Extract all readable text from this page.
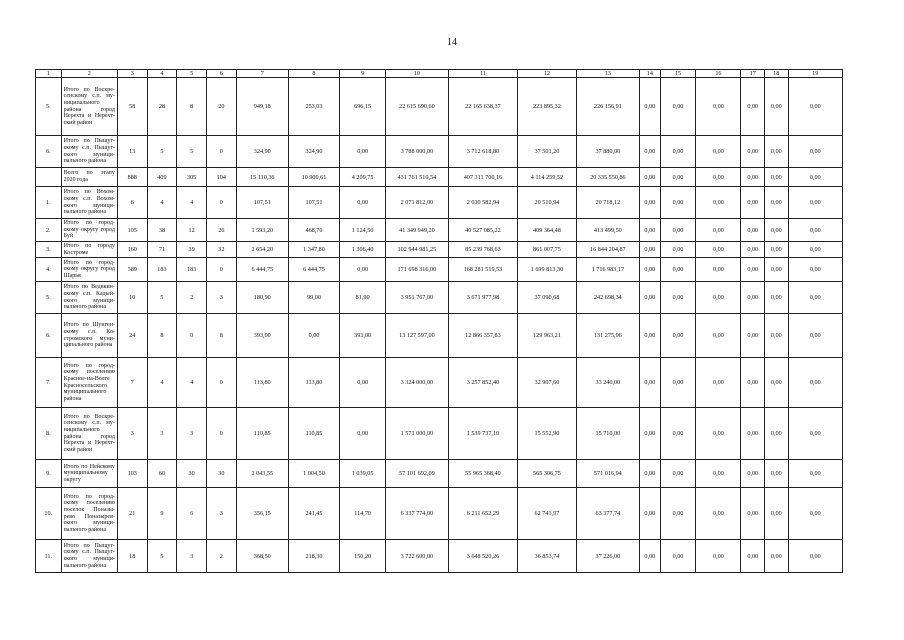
14
1	2	3	4	5	6	7	8	9	10	11	12	13	14	15	16	17	18	19
5.	Итого по Воскресенскому с.п. муниципального района город Нерехта и Нерехтский район	58	28	8	20	949,18	253,03	696,15	22 615 690,60	22 165 638,37	223 895,32	226 156,91	0,00	0,00	0,00	0,00	0,00	0,00
6.	Итого по Пыщугскому с.п. Пыщугского муниципального района	13	5	5	0	324,90	324,90	0,00	3 788 000,00	3 712 618,80	37 501,20	37 880,00	0,00	0,00	0,00	0,00	0,00	0,00
	Всего по этапу 2020 года	888	409	305	104	15 110,36	10 900,61	4 209,75	431 761 510,54	407 311 700,16	4 114 259,52	20 335 550,86	0,00	0,00	0,00	0,00	0,00	0,00
1.	Итого по Вохомскому с.п. Вохомского муниципального района	6	4	4	0	107,51	107,51	0,00	2 071 812,00	2 030 582,94	20 510,94	20 718,12	0,00	0,00	0,00	0,00	0,00	0,00
2.	Итого по городскому округу город Буй	105	38	12	26	1 593,20	468,70	1 124,50	41 349 949,20	40 527 085,22	409 364,48	413 499,50	0,00	0,00	0,00	0,00	0,00	0,00
3.	Итого по городу Костроме	160	71	39	32	2 654,20	1 347,80	1 306,40	102 944 981,25	85 239 768,63	861 007,75	16 844 204,87	0,00	0,00	0,00	0,00	0,00	0,00
4.	Итого по городскому округу город Шарья	389	183	183	0	6 444,75	6 444,75	0,00	171 698 316,00	168 281 519,53	1 699 813,30	1 716 983,17	0,00	0,00	0,00	0,00	0,00	0,00
5.	Итого по Ведвкинскому с.п. Кадыйского муниципального района	10	5	2	3	180,90	99,00	81,90	3 951 767,00	3 671 977,98	37 090,68	242 698,34	0,00	0,00	0,00	0,00	0,00	0,00
6.	Итого по Шунгенскому с.п. Костромского муниципального района	24	8	0	8	393,00	0,00	393,00	13 127 597,00	12 866 357,83	129 963,21	131 275,96	0,00	0,00	0,00	0,00	0,00	0,00
7.	Итого по городскому поселению Красное-на-Волге Красносельского муниципального района	7	4	4	0	113,80	113,80	0,00	3 324 000,00	3 257 852,40	32 907,60	33 240,00	0,00	0,00	0,00	0,00	0,00	0,00
8.	Итого по Воскресенскому с.п. муниципального района город Нерехта и Нерехтский район	3	3	3	0	110,85	110,85	0,00	1 571 000,00	1 539 737,10	15 552,90	15 710,00	0,00	0,00	0,00	0,00	0,00	0,00
9.	Итого по Нейскому муниципальному округу	103	60	30	30	2 043,55	1 004,50	1 039,05	57 101 692,09	55 965 368,40	565 306,75	571 016,94	0,00	0,00	0,00	0,00	0,00	0,00
10.	Итого по городскому поселению поселок Поназырево Поназыревского муниципального района	21	9	6	3	356,15	241,45	114,70	6 337 774,00	6 211 652,29	62 743,97	63 377,74	0,00	0,00	0,00	0,00	0,00	0,00
11.	Итого по Пыщугскому с.п. Пыщугского муниципального района	18	5	3	2	368,50	218,30	150,20	3 722 600,00	3 648 520,26	36 853,74	37 226,00	0,00	0,00	0,00	0,00	0,00	0,00
